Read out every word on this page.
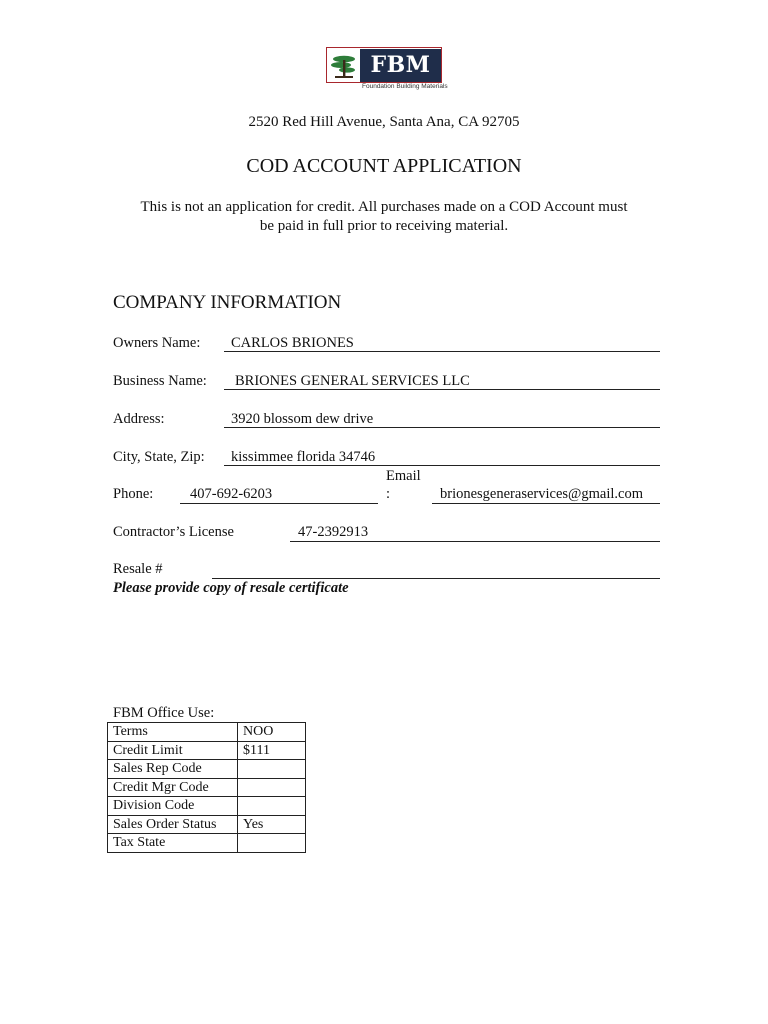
FBM
Foundation Building Materials
2520 Red Hill Avenue, Santa Ana, CA 92705
COD ACCOUNT APPLICATION
This is not an application for credit. All purchases made on a COD Account must
be paid in full prior to receiving material.
COMPANY INFORMATION
Owners Name: CARLOS BRIONES
Business Name: BRIONES GENERAL SERVICES LLC
Address:	3920 blossom dew drive
City, State, Zip: kissimmee florida 34746
Phone:	407-692-6203
Email
:	brionesgeneraservices@gmail.com
Contractor’s License	47-2392913
Resale #
Please provide copy of resale certificate
FBM Office Use:
Terms	NOO
Credit Limit	$111
Sales Rep Code	
Credit Mgr Code	
Division Code	
Sales Order Status	Yes
Tax State	
